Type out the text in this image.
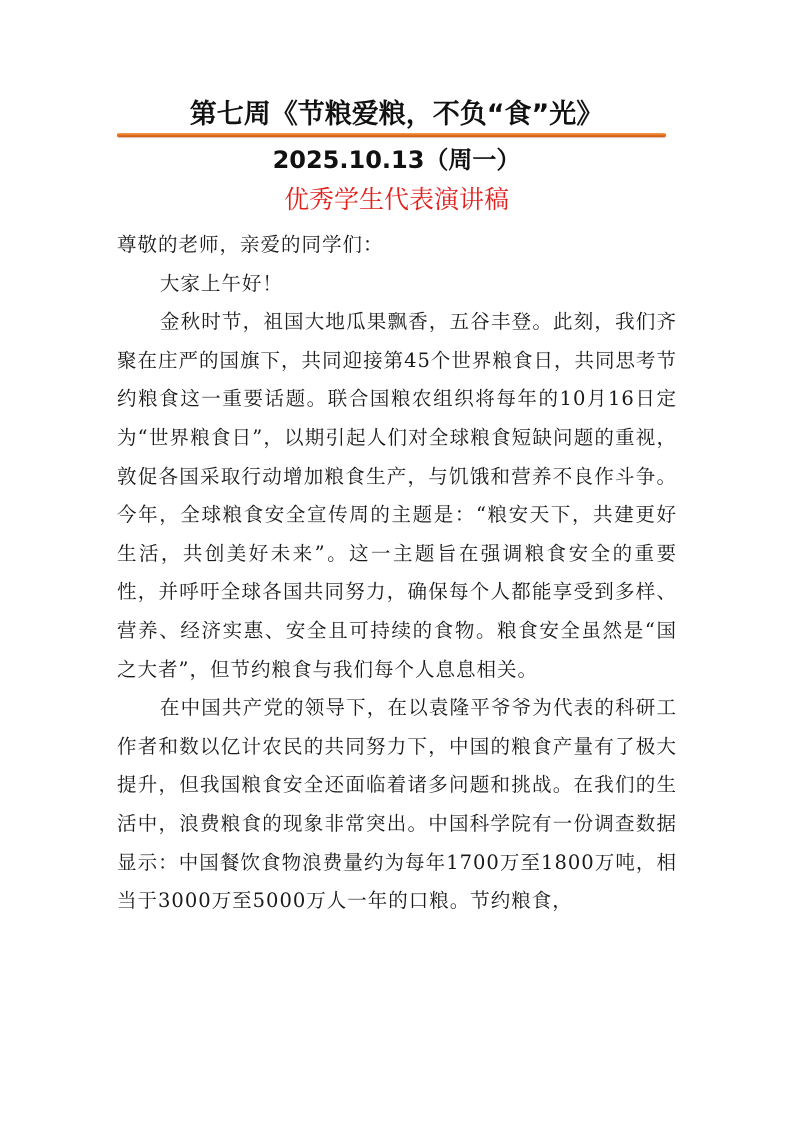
第七周《节粮爱粮，不负“食”光》
2025.10.13（周一）
优秀学生代表演讲稿

尊敬的老师，亲爱的同学们：

大家上午好！

金秋时节，祖国大地瓜果飘香，五谷丰登。此刻，我们齐聚在庄严的国旗下，共同迎接第45个世界粮食日，共同思考节约粮食这一重要话题。联合国粮农组织将每年的10月16日定为“世界粮食日”，以期引起人们对全球粮食短缺问题的重视，敦促各国采取行动增加粮食生产，与饥饿和营养不良作斗争。今年，全球粮食安全宣传周的主题是：“粮安天下，共建更好生活，共创美好未来”。这一主题旨在强调粮食安全的重要性，并呼吁全球各国共同努力，确保每个人都能享受到多样、营养、经济实惠、安全且可持续的食物。粮食安全虽然是“国之大者”，但节约粮食与我们每个人息息相关。

在中国共产党的领导下，在以袁隆平爷爷为代表的科研工作者和数以亿计农民的共同努力下，中国的粮食产量有了极大提升，但我国粮食安全还面临着诸多问题和挑战。在我们的生活中，浪费粮食的现象非常突出。中国科学院有一份调查数据显示：中国餐饮食物浪费量约为每年1700万至1800万吨，相当于3000万至5000万人一年的口粮。节约粮食，
